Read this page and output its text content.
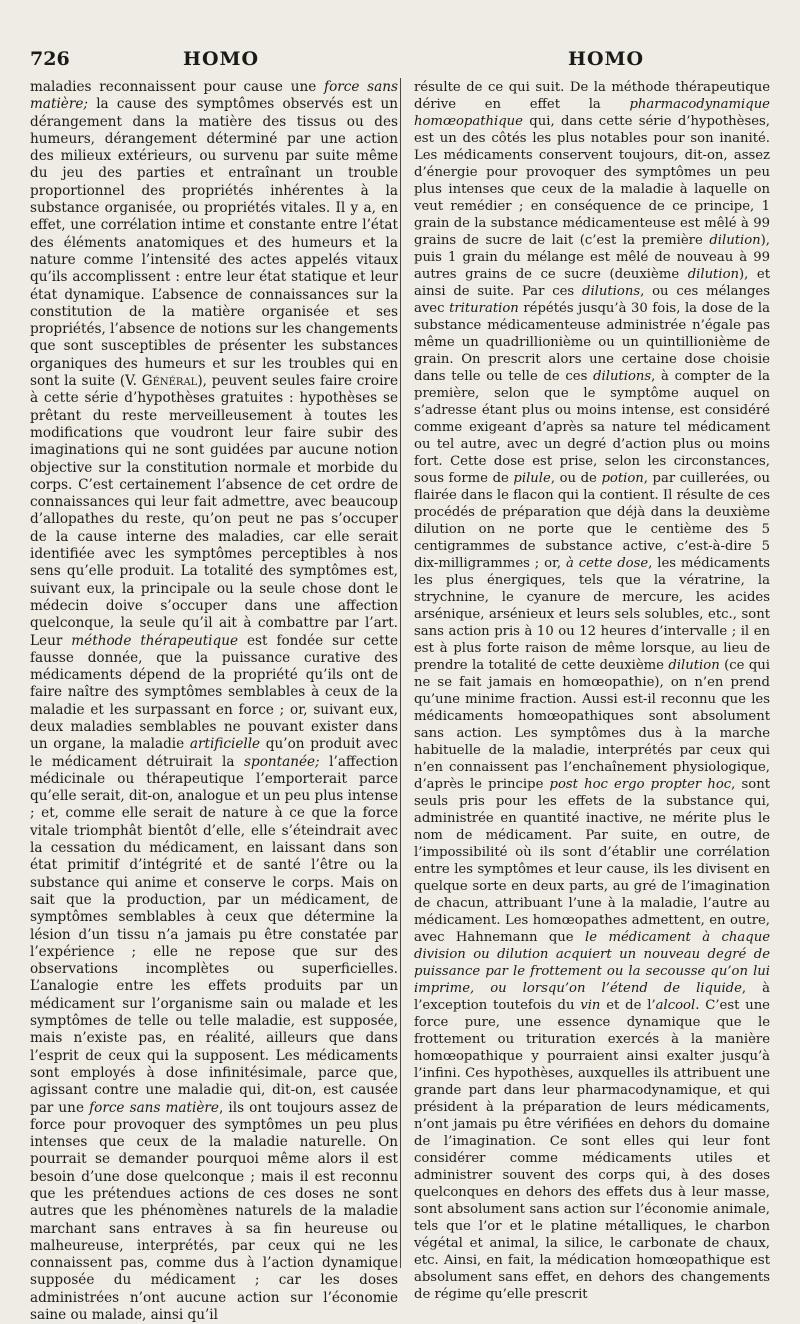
726	HOMO	HOMO

maladies reconnaissent pour cause une force sans matière; la cause des symptômes observés est un dérangement dans la matière des tissus ou des humeurs, dérangement déterminé par une action des milieux extérieurs, ou survenu par suite même du jeu des parties et entraînant un trouble proportionnel des propriétés inhérentes à la substance organisée, ou propriétés vitales. Il y a, en effet, une corrélation intime et constante entre l’état des éléments anatomiques et des humeurs et la nature comme l’intensité des actes appelés vitaux qu’ils accomplissent : entre leur état statique et leur état dynamique. L’absence de connaissances sur la constitution de la matière organisée et ses propriétés, l’absence de notions sur les changements que sont susceptibles de présenter les substances organiques des humeurs et sur les troubles qui en sont la suite (V. Général), peuvent seules faire croire à cette série d’hypothèses gratuites : hypothèses se prêtant du reste merveilleusement à toutes les modifications que voudront leur faire subir des imaginations qui ne sont guidées par aucune notion objective sur la constitution normale et morbide du corps. C’est certainement l’absence de cet ordre de connaissances qui leur fait admettre, avec beaucoup d’allopathes du reste, qu’on peut ne pas s’occuper de la cause interne des maladies, car elle serait identifiée avec les symptômes perceptibles à nos sens qu’elle produit. La totalité des symptômes est, suivant eux, la principale ou la seule chose dont le médecin doive s’occuper dans une affection quelconque, la seule qu’il ait à combattre par l’art. Leur méthode thérapeutique est fondée sur cette fausse donnée, que la puissance curative des médicaments dépend de la propriété qu’ils ont de faire naître des symptômes semblables à ceux de la maladie et les surpassant en force ; or, suivant eux, deux maladies semblables ne pouvant exister dans un organe, la maladie artificielle qu’on produit avec le médicament détruirait la spontanée; l’affection médicinale ou thérapeutique l’emporterait parce qu’elle serait, dit-on, analogue et un peu plus intense ; et, comme elle serait de nature à ce que la force vitale triomphât bientôt d’elle, elle s’éteindrait avec la cessation du médicament, en laissant dans son état primitif d’intégrité et de santé l’être ou la substance qui anime et conserve le corps. Mais on sait que la production, par un médicament, de symptômes semblables à ceux que détermine la lésion d’un tissu n’a jamais pu être constatée par l’expérience ; elle ne repose que sur des observations incomplètes ou superficielles. L’analogie entre les effets produits par un médicament sur l’organisme sain ou malade et les symptômes de telle ou telle maladie, est supposée, mais n’existe pas, en réalité, ailleurs que dans l’esprit de ceux qui la supposent. Les médicaments sont employés à dose infinitésimale, parce que, agissant contre une maladie qui, dit-on, est causée par une force sans matière, ils ont toujours assez de force pour provoquer des symptômes un peu plus intenses que ceux de la maladie naturelle. On pourrait se demander pourquoi même alors il est besoin d’une dose quelconque ; mais il est reconnu que les prétendues actions de ces doses ne sont autres que les phénomènes naturels de la maladie marchant sans entraves à sa fin heureuse ou malheureuse, interprétés, par ceux qui ne les connaissent pas, comme dus à l’action dynamique supposée du médicament ; car les doses administrées n’ont aucune action sur l’économie saine ou malade, ainsi qu’il

résulte de ce qui suit. De la méthode thérapeutique dérive en effet la pharmacodynamique homœopathique qui, dans cette série d’hypothèses, est un des côtés les plus notables pour son inanité. Les médicaments conservent toujours, dit-on, assez d’énergie pour provoquer des symptômes un peu plus intenses que ceux de la maladie à laquelle on veut remédier ; en conséquence de ce principe, 1 grain de la substance médicamenteuse est mêlé à 99 grains de sucre de lait (c’est la première dilution), puis 1 grain du mélange est mêlé de nouveau à 99 autres grains de ce sucre (deuxième dilution), et ainsi de suite. Par ces dilutions, ou ces mélanges avec trituration répétés jusqu’à 30 fois, la dose de la substance médicamenteuse administrée n’égale pas même un quadrillionième ou un quintillionième de grain. On prescrit alors une certaine dose choisie dans telle ou telle de ces dilutions, à compter de la première, selon que le symptôme auquel on s’adresse étant plus ou moins intense, est considéré comme exigeant d’après sa nature tel médicament ou tel autre, avec un degré d’action plus ou moins fort. Cette dose est prise, selon les circonstances, sous forme de pilule, ou de potion, par cuillerées, ou flairée dans le flacon qui la contient. Il résulte de ces procédés de préparation que déjà dans la deuxième dilution on ne porte que le centième des 5 centigrammes de substance active, c’est-à-dire 5 dix-milligrammes ; or, à cette dose, les médicaments les plus énergiques, tels que la vératrine, la strychnine, le cyanure de mercure, les acides arsénique, arsénieux et leurs sels solubles, etc., sont sans action pris à 10 ou 12 heures d’intervalle ; il en est à plus forte raison de même lorsque, au lieu de prendre la totalité de cette deuxième dilution (ce qui ne se fait jamais en homœopathie), on n’en prend qu’une minime fraction. Aussi est-il reconnu que les médicaments homœopathiques sont absolument sans action. Les symptômes dus à la marche habituelle de la maladie, interprétés par ceux qui n’en connaissent pas l’enchaînement physiologique, d’après le principe post hoc ergo propter hoc, sont seuls pris pour les effets de la substance qui, administrée en quantité inactive, ne mérite plus le nom de médicament. Par suite, en outre, de l’impossibilité où ils sont d’établir une corrélation entre les symptômes et leur cause, ils les divisent en quelque sorte en deux parts, au gré de l’imagination de chacun, attribuant l’une à la maladie, l’autre au médicament. Les homœopathes admettent, en outre, avec Hahnemann que le médicament à chaque division ou dilution acquiert un nouveau degré de puissance par le frottement ou la secousse qu’on lui imprime, ou lorsqu’on l’étend de liquide, à l’exception toutefois du vin et de l’alcool. C’est une force pure, une essence dynamique que le frottement ou trituration exercés à la manière homœopathique y pourraient ainsi exalter jusqu’à l’infini. Ces hypothèses, auxquelles ils attribuent une grande part dans leur pharmacodynamique, et qui président à la préparation de leurs médicaments, n’ont jamais pu être vérifiées en dehors du domaine de l’imagination. Ce sont elles qui leur font considérer comme médicaments utiles et administrer souvent des corps qui, à des doses quelconques en dehors des effets dus à leur masse, sont absolument sans action sur l’économie animale, tels que l’or et le platine métalliques, le charbon végétal et animal, la silice, le carbonate de chaux, etc. Ainsi, en fait, la médication homœopathique est absolument sans effet, en dehors des changements de régime qu’elle prescrit
